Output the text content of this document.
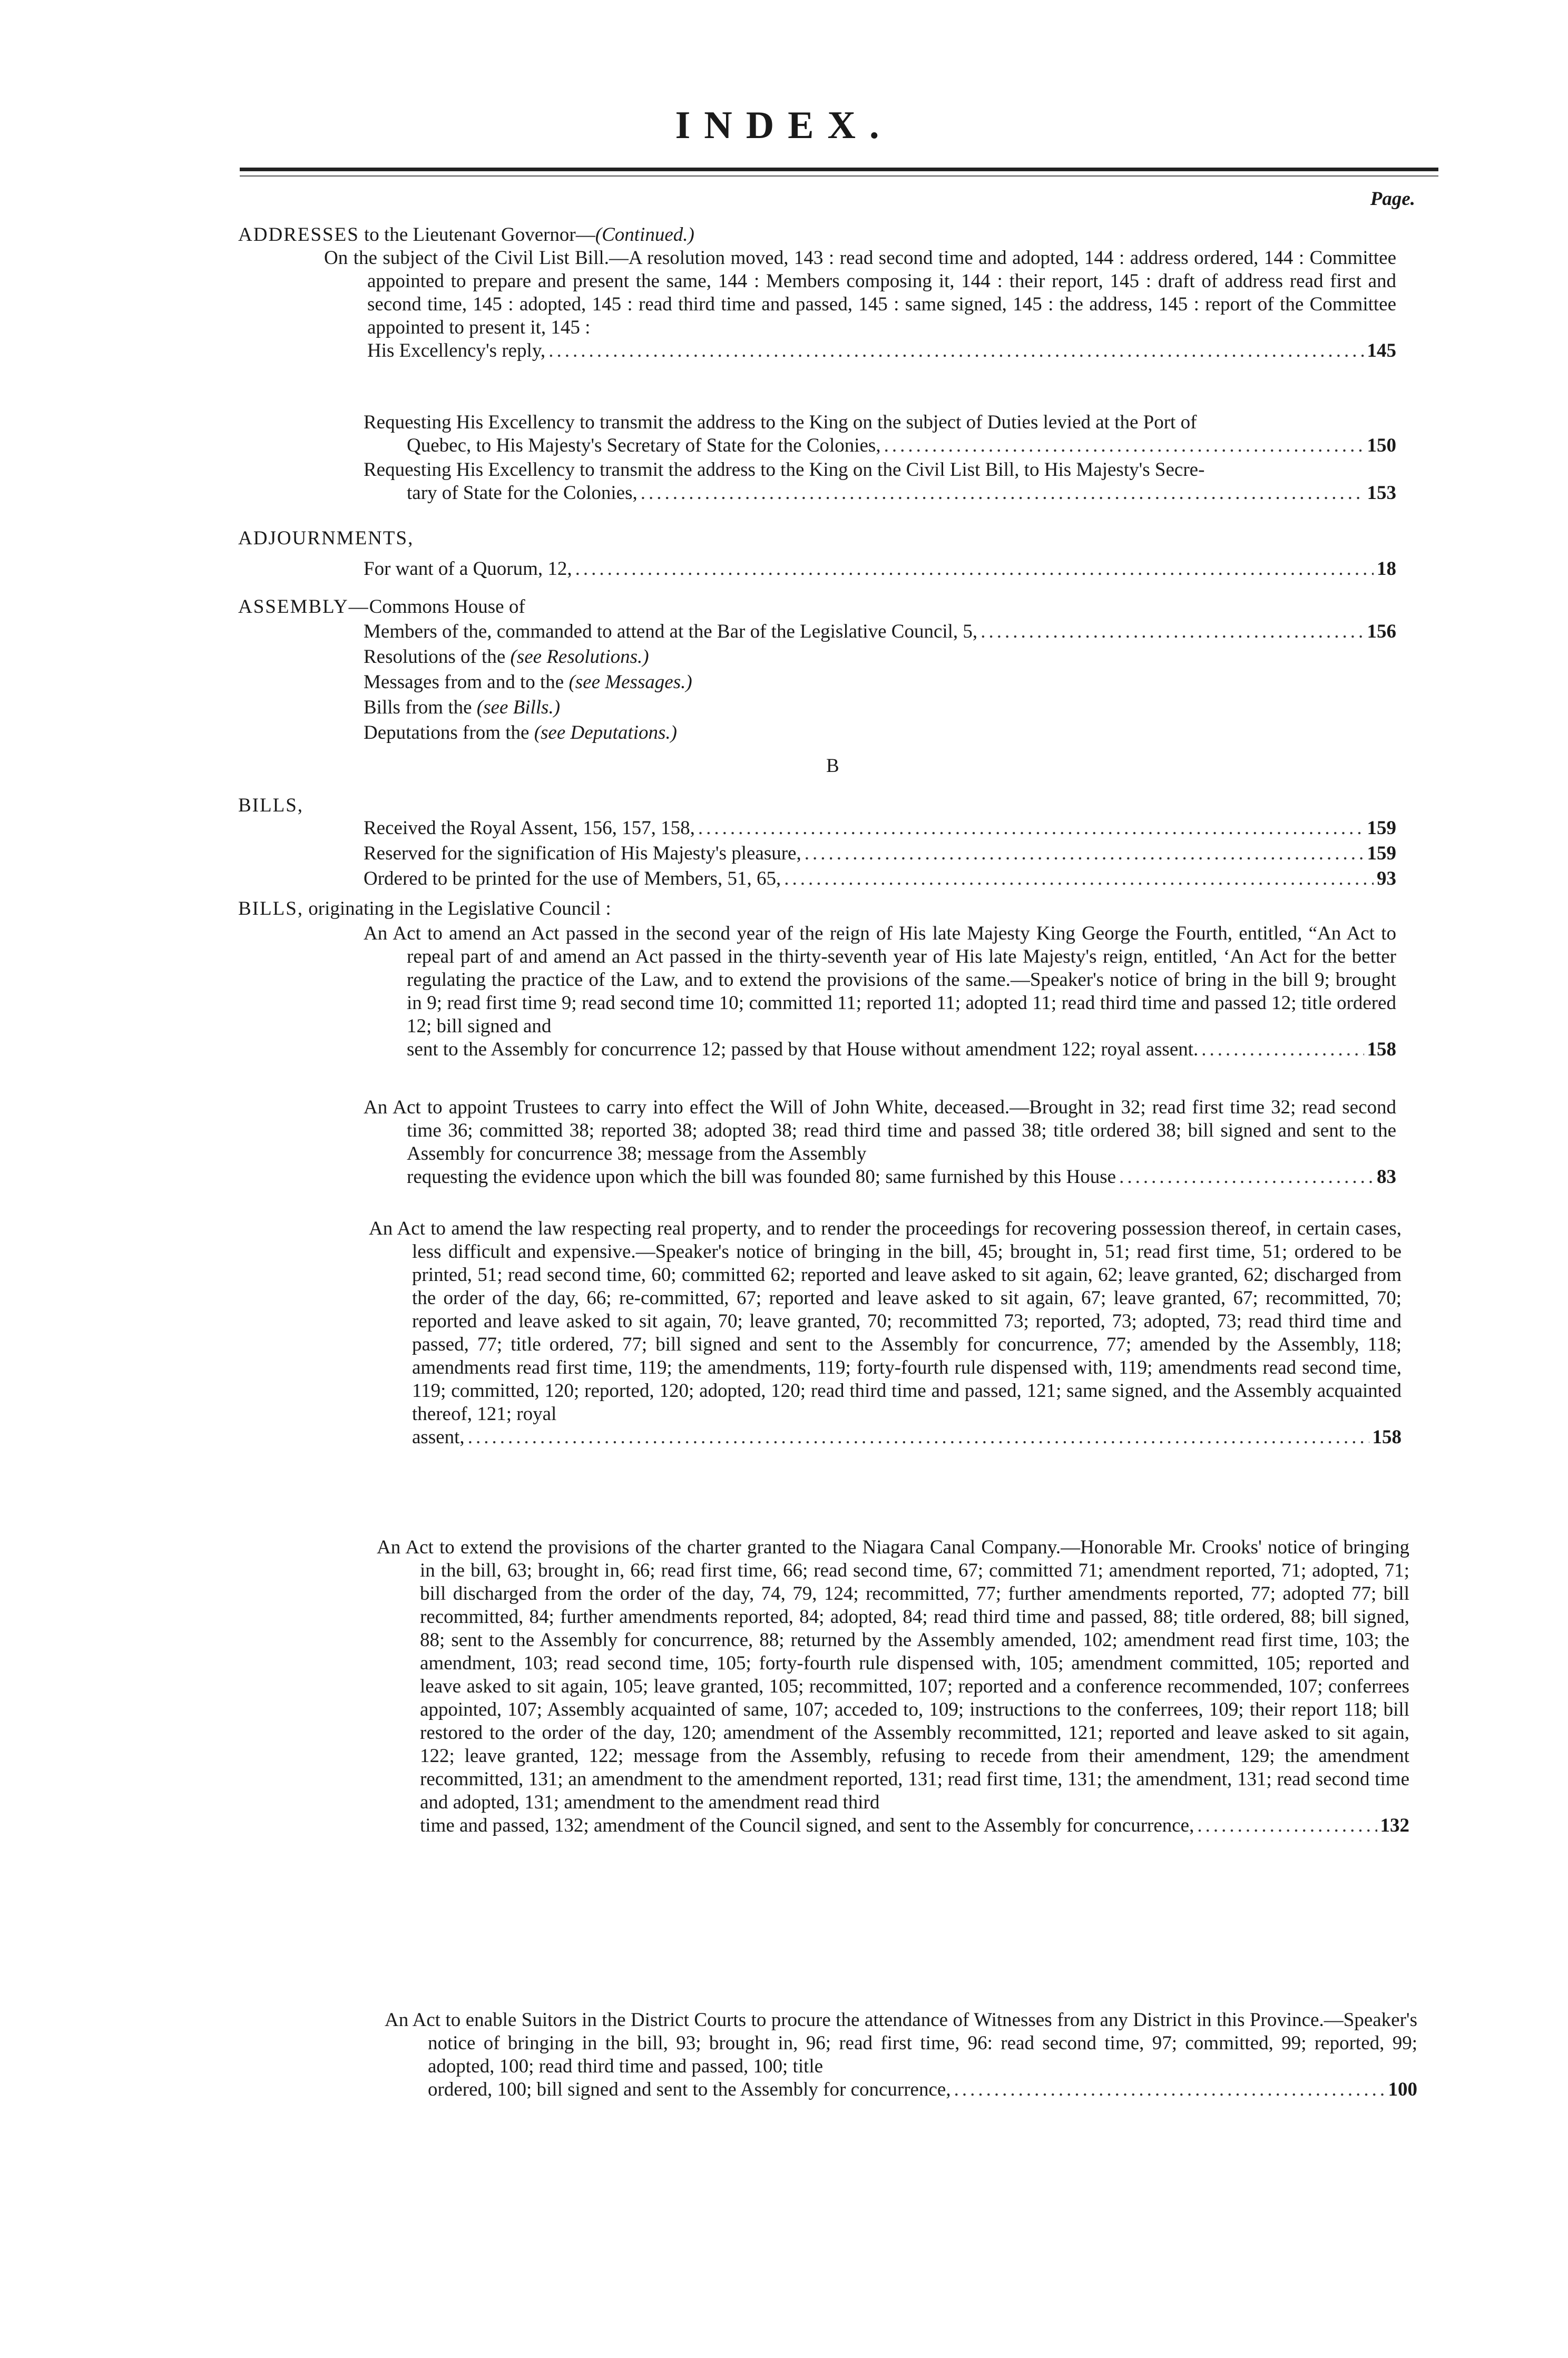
INDEX.
Page.
ADDRESSES to the Lieutenant Governor—(Continued.)
On the subject of the Civil List Bill.—A resolution moved, 143 : read second time and adopted, 144 : address ordered, 144 : Committee appointed to prepare and present the same, 144 : Members composing it, 144 : their report, 145 : draft of address read first and second time, 145 : adopted, 145 : read third time and passed, 145 : same signed, 145 : the address, 145 : report of the Committee appointed to present it, 145 :
His Excellency's reply, .....	145
Requesting His Excellency to transmit the address to the King on the subject of Duties levied at the Port of
Quebec, to His Majesty's Secretary of State for the Colonies, .....	150
Requesting His Excellency to transmit the address to the King on the Civil List Bill, to His Majesty's Secre-
tary of State for the Colonies, .....	153
ADJOURNMENTS,
For want of a Quorum, 12, .....	18
ASSEMBLY—Commons House of
Members of the, commanded to attend at the Bar of the Legislative Council, 5, .....	156
Resolutions of the (see Resolutions.)
Messages from and to the (see Messages.)
Bills from the (see Bills.)
Deputations from the (see Deputations.)
B
BILLS,
Received the Royal Assent, 156, 157, 158, .....	159
Reserved for the signification of His Majesty's pleasure, .....	159
Ordered to be printed for the use of Members, 51, 65, .....	93
BILLS, originating in the Legislative Council :
An Act to amend an Act passed in the second year of the reign of His late Majesty King George the Fourth, entitled, “An Act to repeal part of and amend an Act passed in the thirty-seventh year of His late Majesty's reign, entitled, ‘An Act for the better regulating the practice of the Law, and to extend the provisions of the same.—Speaker's notice of bring in the bill 9; brought in 9; read first time 9; read second time 10; committed 11; reported 11; adopted 11; read third time and passed 12; title ordered 12; bill signed and
sent to the Assembly for concurrence 12; passed by that House without amendment 122; royal assent. .....	158
An Act to appoint Trustees to carry into effect the Will of John White, deceased.—Brought in 32; read first time 32; read second time 36; committed 38; reported 38; adopted 38; read third time and passed 38; title ordered 38; bill signed and sent to the Assembly for concurrence 38; message from the Assembly
requesting the evidence upon which the bill was founded 80; same furnished by this House .....	83
An Act to amend the law respecting real property, and to render the proceedings for recovering possession thereof, in certain cases, less difficult and expensive.—Speaker's notice of bringing in the bill, 45; brought in, 51; read first time, 51; ordered to be printed, 51; read second time, 60; committed 62; reported and leave asked to sit again, 62; leave granted, 62; discharged from the order of the day, 66; re-committed, 67; reported and leave asked to sit again, 67; leave granted, 67; recommitted, 70; reported and leave asked to sit again, 70; leave granted, 70; recommitted 73; reported, 73; adopted, 73; read third time and passed, 77; title ordered, 77; bill signed and sent to the Assembly for concurrence, 77; amended by the Assembly, 118; amendments read first time, 119; the amendments, 119; forty-fourth rule dispensed with, 119; amendments read second time, 119; committed, 120; reported, 120; adopted, 120; read third time and passed, 121; same signed, and the Assembly acquainted thereof, 121; royal
assent, .....	158
An Act to extend the provisions of the charter granted to the Niagara Canal Company.—Honorable Mr. Crooks' notice of bringing in the bill, 63; brought in, 66; read first time, 66; read second time, 67; committed 71; amendment reported, 71; adopted, 71; bill discharged from the order of the day, 74, 79, 124; recommitted, 77; further amendments reported, 77; adopted 77; bill recommitted, 84; further amendments reported, 84; adopted, 84; read third time and passed, 88; title ordered, 88; bill signed, 88; sent to the Assembly for concurrence, 88; returned by the Assembly amended, 102; amendment read first time, 103; the amendment, 103; read second time, 105; forty-fourth rule dispensed with, 105; amendment committed, 105; reported and leave asked to sit again, 105; leave granted, 105; recommitted, 107; reported and a conference recommended, 107; conferrees appointed, 107; Assembly acquainted of same, 107; acceded to, 109; instructions to the conferrees, 109; their report 118; bill restored to the order of the day, 120; amendment of the Assembly recommitted, 121; reported and leave asked to sit again, 122; leave granted, 122; message from the Assembly, refusing to recede from their amendment, 129; the amendment recommitted, 131; an amendment to the amendment reported, 131; read first time, 131; the amendment, 131; read second time and adopted, 131; amendment to the amendment read third
time and passed, 132; amendment of the Council signed, and sent to the Assembly for concurrence, .....	132
An Act to enable Suitors in the District Courts to procure the attendance of Witnesses from any District in this Province.—Speaker's notice of bringing in the bill, 93; brought in, 96; read first time, 96: read second time, 97; committed, 99; reported, 99; adopted, 100; read third time and passed, 100; title
ordered, 100; bill signed and sent to the Assembly for concurrence, .....	100
